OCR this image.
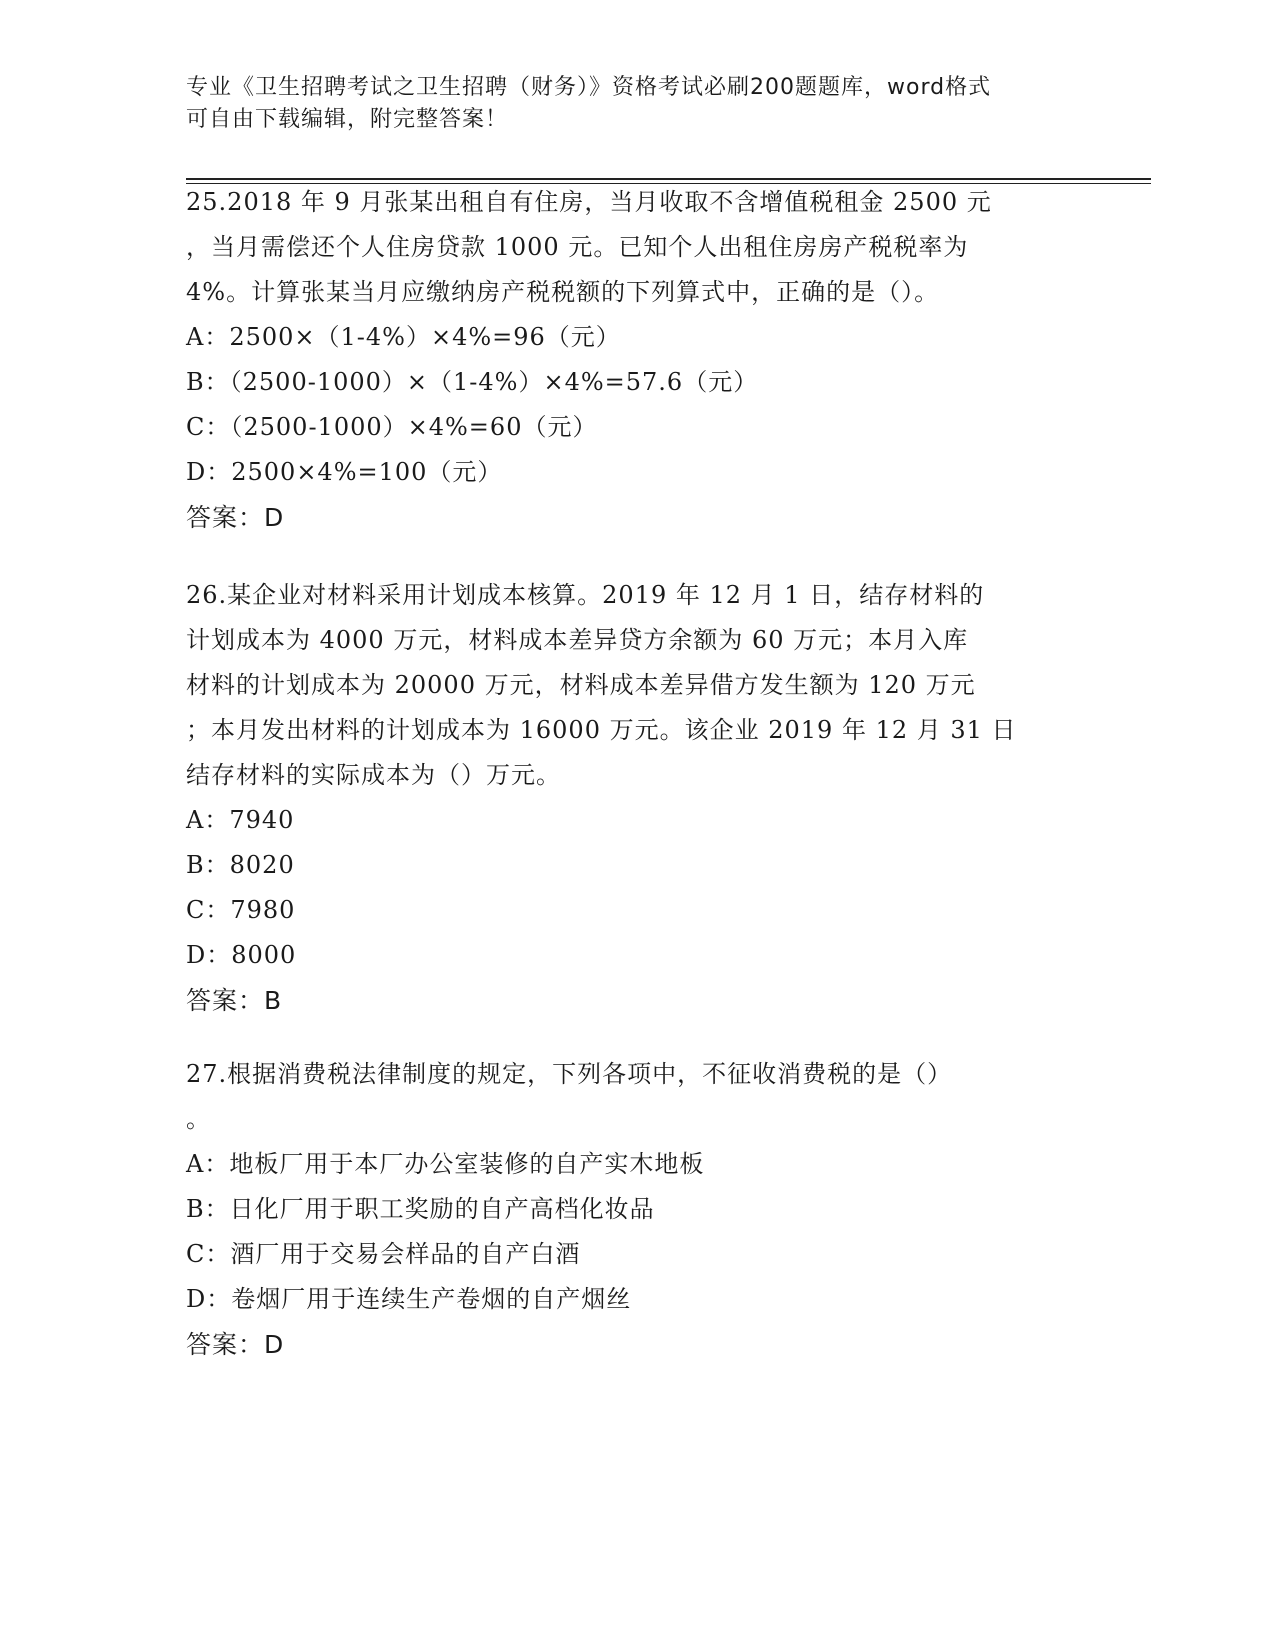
专业《卫生招聘考试之卫生招聘（财务）》资格考试必刷200题题库，word格式
可自由下载编辑，附完整答案！
25.2018 年 9 月张某出租自有住房，当月收取不含增值税租金 2500 元
，当月需偿还个人住房贷款 1000 元。已知个人出租住房房产税税率为
4%。计算张某当月应缴纳房产税税额的下列算式中，正确的是（）。
A：2500×（1-4%）×4%=96（元）
B：（2500-1000）×（1-4%）×4%=57.6（元）
C：（2500-1000）×4%=60（元）
D：2500×4%=100（元）
答案：D
26.某企业对材料采用计划成本核算。2019 年 12 月 1 日，结存材料的
计划成本为 4000 万元，材料成本差异贷方余额为 60 万元；本月入库
材料的计划成本为 20000 万元，材料成本差异借方发生额为 120 万元
；本月发出材料的计划成本为 16000 万元。该企业 2019 年 12 月 31 日
结存材料的实际成本为（）万元。
A：7940
B：8020
C：7980
D：8000
答案：B
27.根据消费税法律制度的规定，下列各项中，不征收消费税的是（）
。
A：地板厂用于本厂办公室装修的自产实木地板
B：日化厂用于职工奖励的自产高档化妆品
C：酒厂用于交易会样品的自产白酒
D：卷烟厂用于连续生产卷烟的自产烟丝
答案：D
